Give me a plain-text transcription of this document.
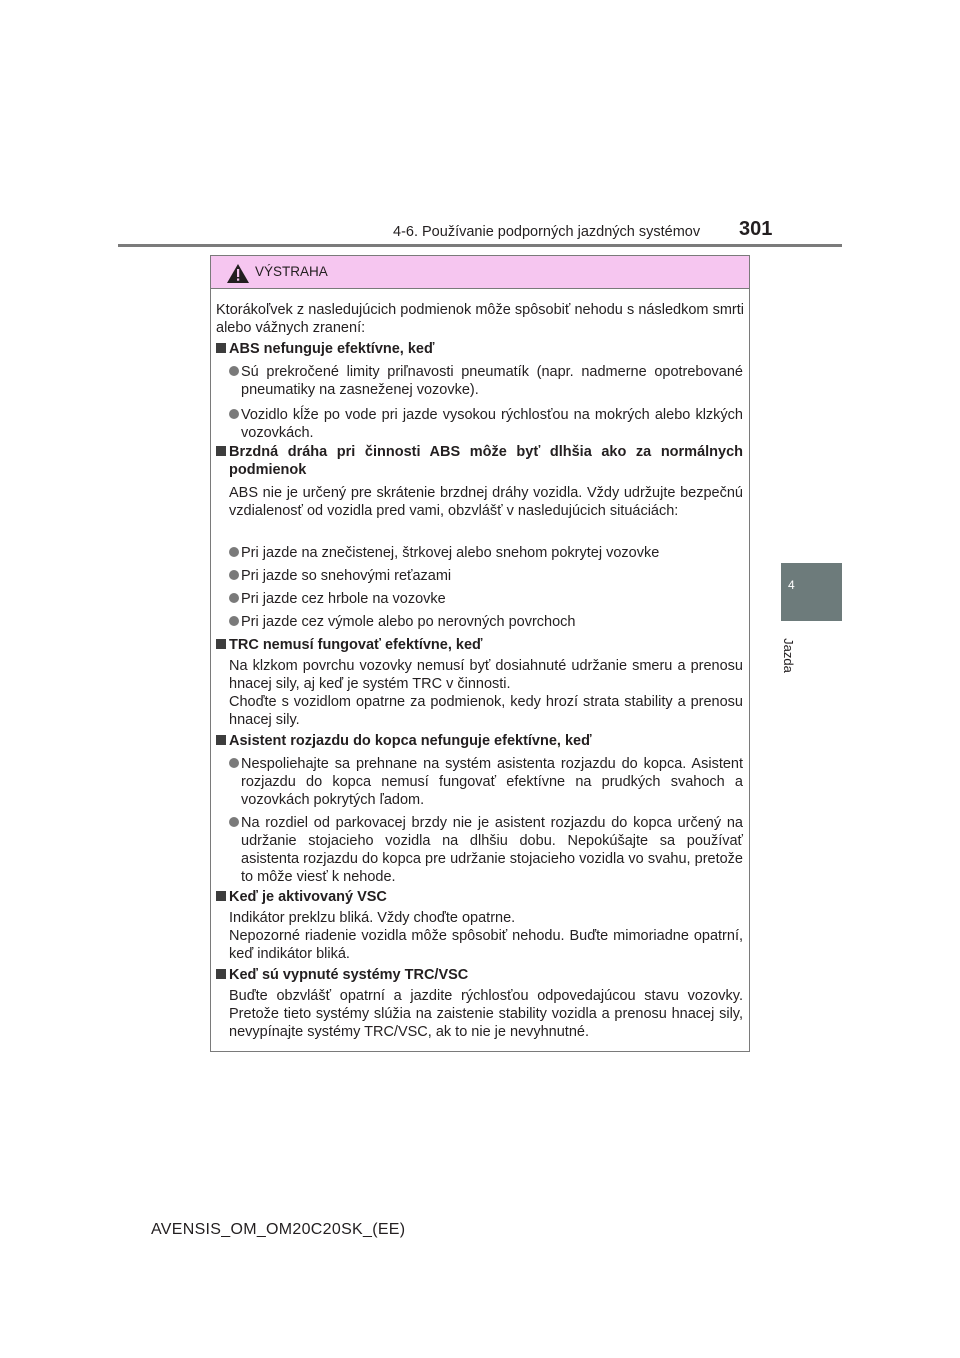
4-6. Používanie podporných jazdných systémov 301
4
Jazda
VÝSTRAHA
Ktorákoľvek z nasledujúcich podmienok môže spôsobiť nehodu s následkom smrti alebo vážnych zranení:
ABS nefunguje efektívne, keď
Sú prekročené limity priľnavosti pneumatík (napr. nadmerne opotrebované pneumatiky na zasneženej vozovke).
Vozidlo kĺže po vode pri jazde vysokou rýchlosťou na mokrých alebo klzkých vozovkách.
Brzdná dráha pri činnosti ABS môže byť dlhšia ako za normálnych podmienok
ABS nie je určený pre skrátenie brzdnej dráhy vozidla. Vždy udržujte bezpečnú vzdialenosť od vozidla pred vami, obzvlášť v nasledujúcich situáciách:
Pri jazde na znečistenej, štrkovej alebo snehom pokrytej vozovke
Pri jazde so snehovými reťazami
Pri jazde cez hrbole na vozovke
Pri jazde cez výmole alebo po nerovných povrchoch
TRC nemusí fungovať efektívne, keď
Na klzkom povrchu vozovky nemusí byť dosiahnuté udržanie smeru a prenosu hnacej sily, aj keď je systém TRC v činnosti.
Choďte s vozidlom opatrne za podmienok, kedy hrozí strata stability a prenosu hnacej sily.
Asistent rozjazdu do kopca nefunguje efektívne, keď
Nespoliehajte sa prehnane na systém asistenta rozjazdu do kopca. Asistent rozjazdu do kopca nemusí fungovať efektívne na prudkých svahoch a vozovkách pokrytých ľadom.
Na rozdiel od parkovacej brzdy nie je asistent rozjazdu do kopca určený na udržanie stojacieho vozidla na dlhšiu dobu. Nepokúšajte sa používať asistenta rozjazdu do kopca pre udržanie stojacieho vozidla vo svahu, pretože to môže viesť k nehode.
Keď je aktivovaný VSC
Indikátor preklzu bliká. Vždy choďte opatrne.
Nepozorné riadenie vozidla môže spôsobiť nehodu. Buďte mimoriadne opatrní, keď indikátor bliká.
Keď sú vypnuté systémy TRC/VSC
Buďte obzvlášť opatrní a jazdite rýchlosťou odpovedajúcou stavu vozovky. Pretože tieto systémy slúžia na zaistenie stability vozidla a prenosu hnacej sily, nevypínajte systémy TRC/VSC, ak to nie je nevyhnutné.
AVENSIS_OM_OM20C20SK_(EE)
